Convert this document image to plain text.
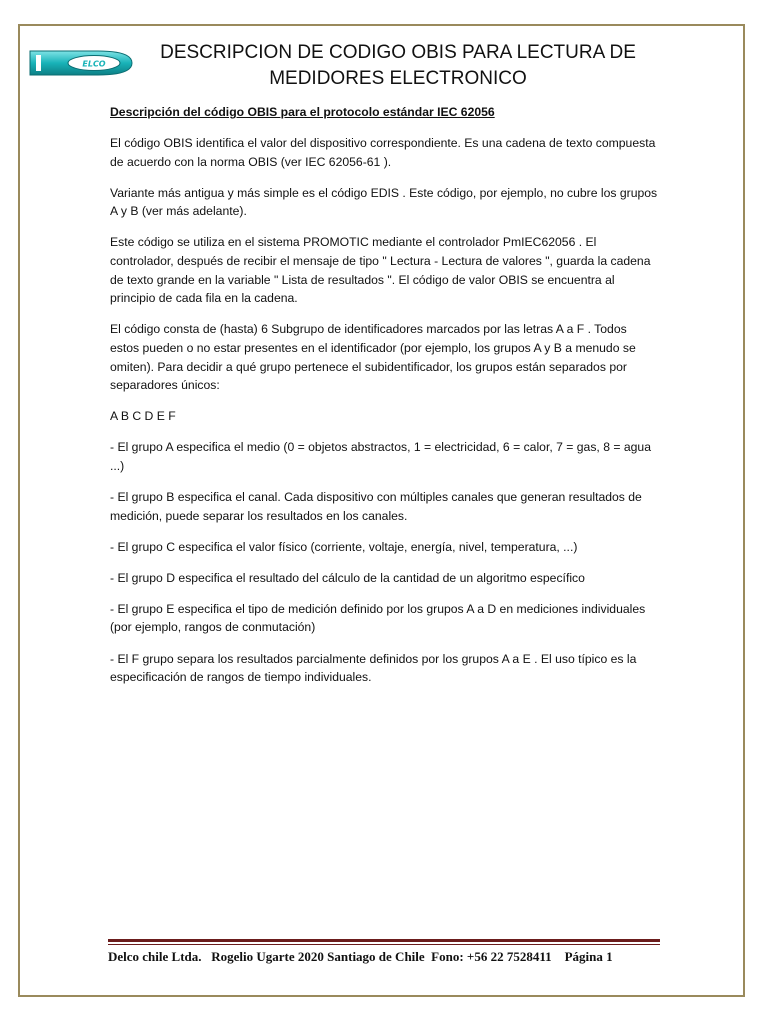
ELCO
DESCRIPCION DE CODIGO OBIS PARA LECTURA DE
MEDIDORES ELECTRONICO

Descripción del código OBIS para el protocolo estándar IEC 62056

El código OBIS identifica el valor del dispositivo correspondiente. Es una cadena de texto compuesta de acuerdo con la norma OBIS (ver IEC 62056-61 ).

Variante más antigua y más simple es el código EDIS . Este código, por ejemplo, no cubre los grupos A y B (ver más adelante).

Este código se utiliza en el sistema PROMOTIC mediante el controlador PmIEC62056 . El controlador, después de recibir el mensaje de tipo " Lectura - Lectura de valores ", guarda la cadena de texto grande en la variable " Lista de resultados ". El código de valor OBIS se encuentra al principio de cada fila en la cadena.

El código consta de (hasta) 6 Subgrupo de identificadores marcados por las letras A a F . Todos estos pueden o no estar presentes en el identificador (por ejemplo, los grupos A y B a menudo se omiten). Para decidir a qué grupo pertenece el subidentificador, los grupos están separados por separadores únicos:

A B C D E F

- El grupo A especifica el medio (0 = objetos abstractos, 1 = electricidad, 6 = calor, 7 = gas, 8 = agua ...)

- El grupo B especifica el canal. Cada dispositivo con múltiples canales que generan resultados de medición, puede separar los resultados en los canales.

- El grupo C especifica el valor físico (corriente, voltaje, energía, nivel, temperatura, ...)

- El grupo D especifica el resultado del cálculo de la cantidad de un algoritmo específico

- El grupo E especifica el tipo de medición definido por los grupos A a D en mediciones individuales (por ejemplo, rangos de conmutación)

- El F grupo separa los resultados parcialmente definidos por los grupos A a E . El uso típico es la especificación de rangos de tiempo individuales.

Delco chile Ltda.   Rogelio Ugarte 2020 Santiago de Chile  Fono: +56 22 7528411    Página 1
